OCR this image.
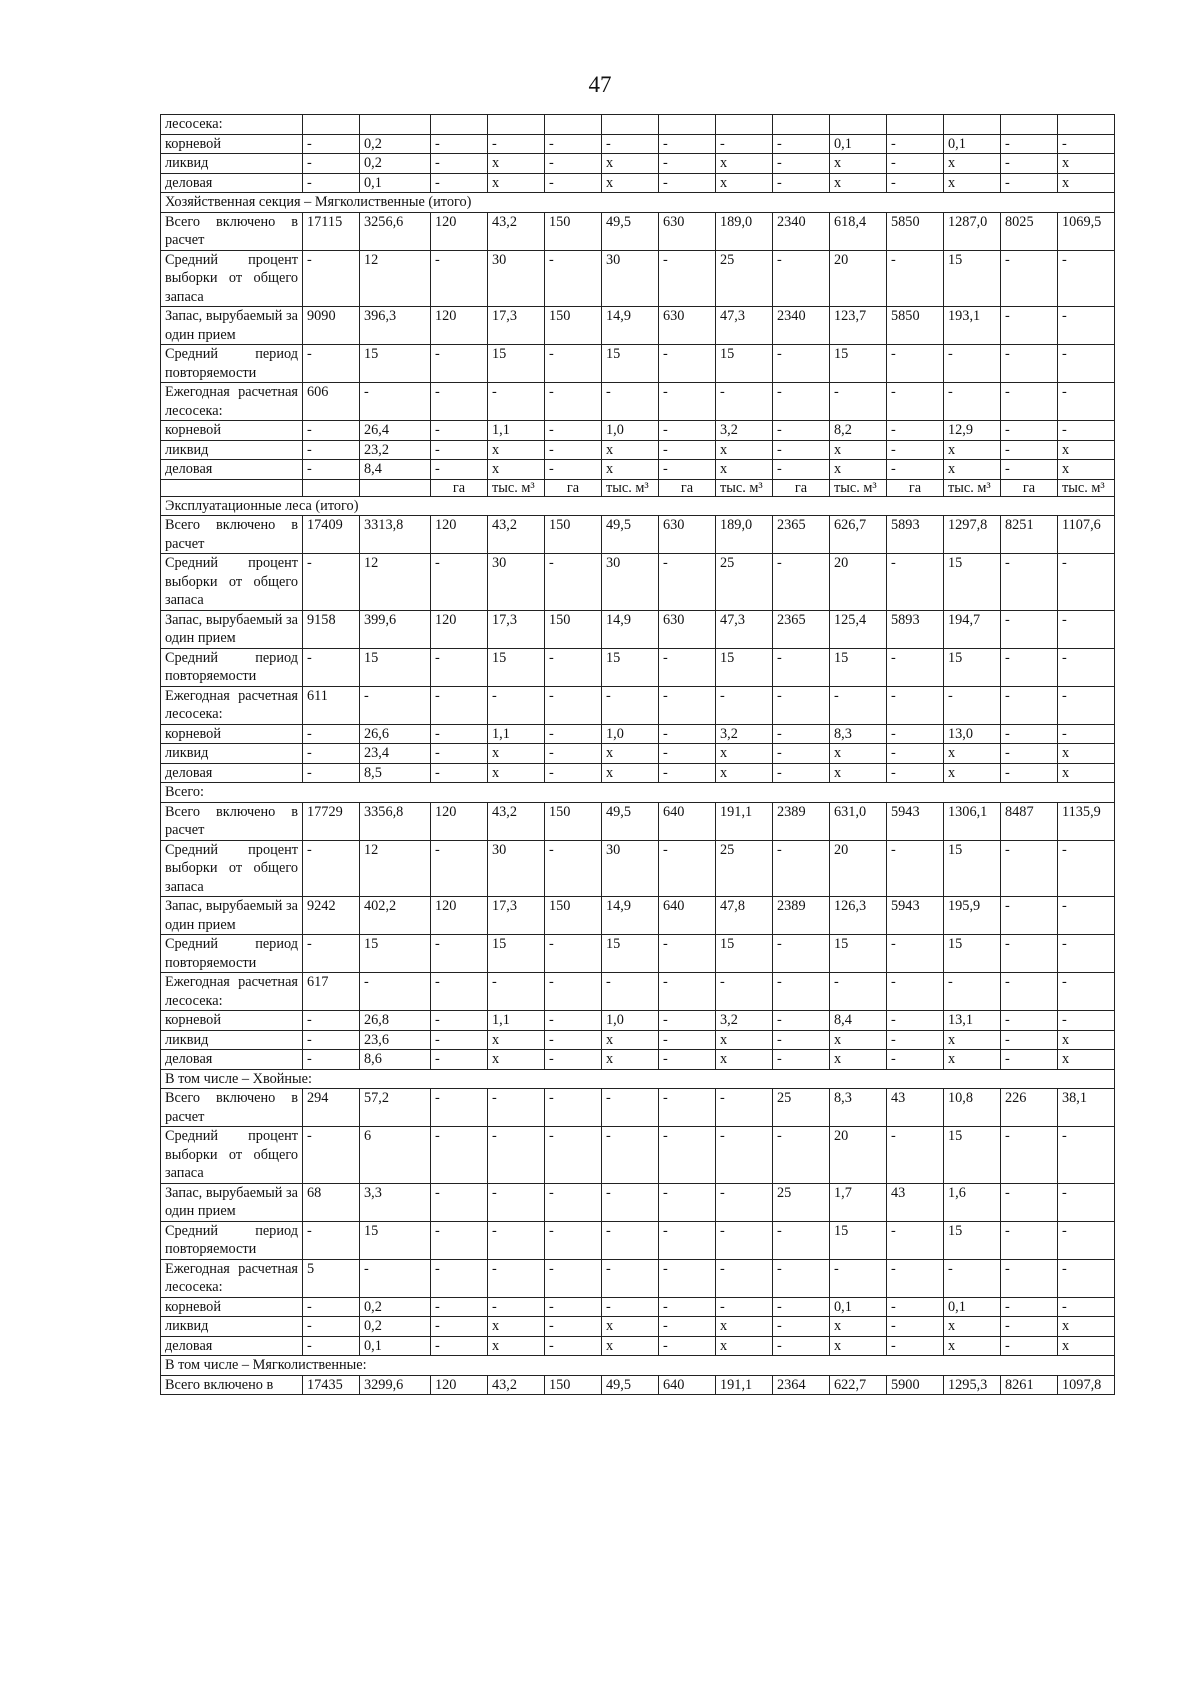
47
лесосека:														
корневой	-	0,2	-	-	-	-	-	-	-	0,1	-	0,1	-	-
ликвид	-	0,2	-	х	-	х	-	х	-	х	-	х	-	х
деловая	-	0,1	-	х	-	х	-	х	-	х	-	х	-	х
Хозяйственная секция – Мягколиственные (итого)														
Всего включено в расчет	17115	3256,6	120	43,2	150	49,5	630	189,0	2340	618,4	5850	1287,0	8025	1069,5
Средний процент выборки от общего запаса	-	12	-	30	-	30	-	25	-	20	-	15	-	-
Запас, вырубаемый за один прием	9090	396,3	120	17,3	150	14,9	630	47,3	2340	123,7	5850	193,1	-	-
Средний период повторяемости	-	15	-	15	-	15	-	15	-	15	-	-	-	-
Ежегодная расчетная лесосека:	606	-	-	-	-	-	-	-	-	-	-	-	-	-
корневой	-	26,4	-	1,1	-	1,0	-	3,2	-	8,2	-	12,9	-	-
ликвид	-	23,2	-	х	-	х	-	х	-	х	-	х	-	х
деловая	-	8,4	-	х	-	х	-	х	-	х	-	х	-	х
			га	тыс. м³	га	тыс. м³	га	тыс. м³	га	тыс. м³	га	тыс. м³	га	тыс. м³
Эксплуатационные леса (итого)														
Всего включено в расчет	17409	3313,8	120	43,2	150	49,5	630	189,0	2365	626,7	5893	1297,8	8251	1107,6
Средний процент выборки от общего запаса	-	12	-	30	-	30	-	25	-	20	-	15	-	-
Запас, вырубаемый за один прием	9158	399,6	120	17,3	150	14,9	630	47,3	2365	125,4	5893	194,7	-	-
Средний период повторяемости	-	15	-	15	-	15	-	15	-	15	-	15	-	-
Ежегодная расчетная лесосека:	611	-	-	-	-	-	-	-	-	-	-	-	-	-
корневой	-	26,6	-	1,1	-	1,0	-	3,2	-	8,3	-	13,0	-	-
ликвид	-	23,4	-	х	-	х	-	х	-	х	-	х	-	х
деловая	-	8,5	-	х	-	х	-	х	-	х	-	х	-	х
Всего:														
Всего включено в расчет	17729	3356,8	120	43,2	150	49,5	640	191,1	2389	631,0	5943	1306,1	8487	1135,9
Средний процент выборки от общего запаса	-	12	-	30	-	30	-	25	-	20	-	15	-	-
Запас, вырубаемый за один прием	9242	402,2	120	17,3	150	14,9	640	47,8	2389	126,3	5943	195,9	-	-
Средний период повторяемости	-	15	-	15	-	15	-	15	-	15	-	15	-	-
Ежегодная расчетная лесосека:	617	-	-	-	-	-	-	-	-	-	-	-	-	-
корневой	-	26,8	-	1,1	-	1,0	-	3,2	-	8,4	-	13,1	-	-
ликвид	-	23,6	-	х	-	х	-	х	-	х	-	х	-	х
деловая	-	8,6	-	х	-	х	-	х	-	х	-	х	-	х
В том числе – Хвойные:														
Всего включено в расчет	294	57,2	-	-	-	-	-	-	25	8,3	43	10,8	226	38,1
Средний процент выборки от общего запаса	-	6	-	-	-	-	-	-	-	20	-	15	-	-
Запас, вырубаемый за один прием	68	3,3	-	-	-	-	-	-	25	1,7	43	1,6	-	-
Средний период повторяемости	-	15	-	-	-	-	-	-	-	15	-	15	-	-
Ежегодная расчетная лесосека:	5	-	-	-	-	-	-	-	-	-	-	-	-	-
корневой	-	0,2	-	-	-	-	-	-	-	0,1	-	0,1	-	-
ликвид	-	0,2	-	х	-	х	-	х	-	х	-	х	-	х
деловая	-	0,1	-	х	-	х	-	х	-	х	-	х	-	х
В том числе – Мягколиственные:														
Всего включено в	17435	3299,6	120	43,2	150	49,5	640	191,1	2364	622,7	5900	1295,3	8261	1097,8
